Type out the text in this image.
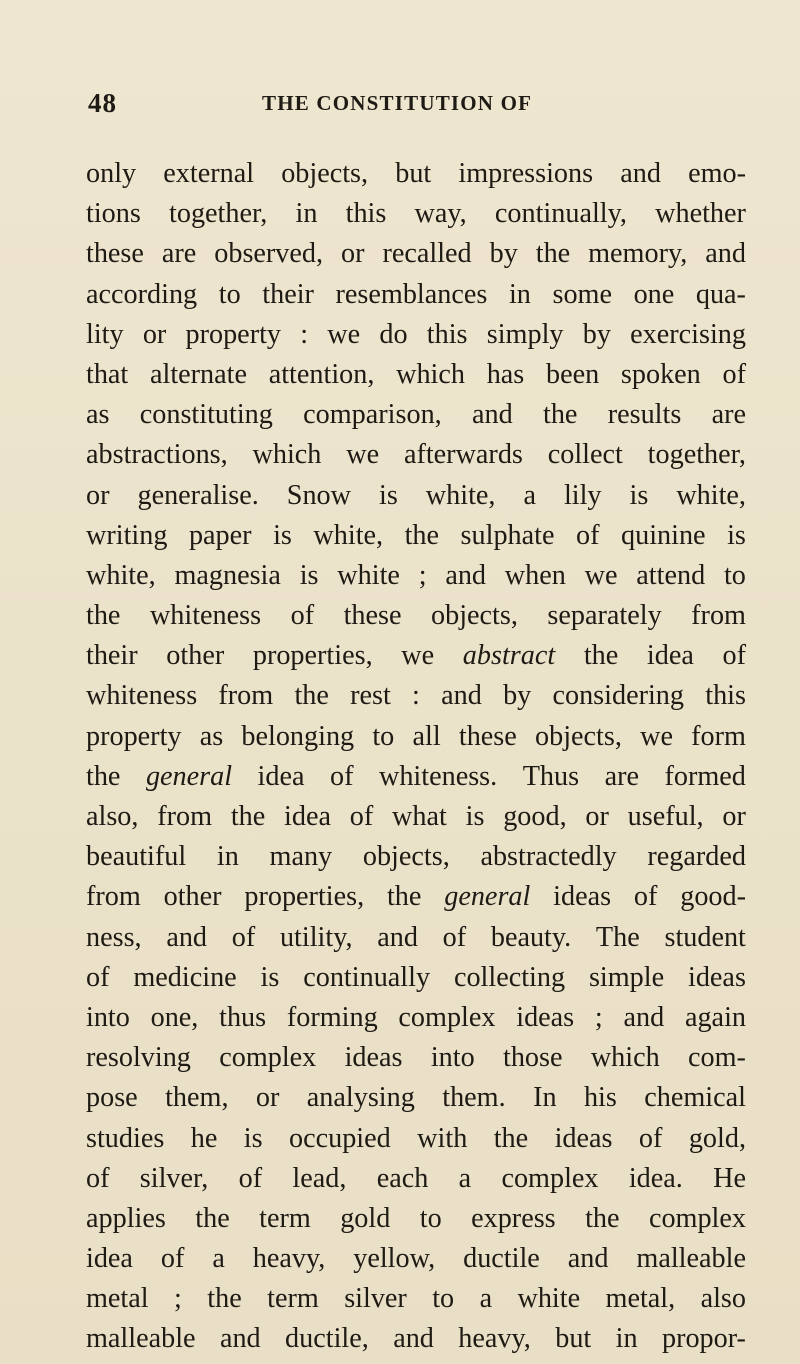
48	THE CONSTITUTION OF
only external objects, but impressions and emo-
tions together, in this way, continually, whether
these are observed, or recalled by the memory, and
according to their resemblances in some one qua-
lity or property : we do this simply by exercising
that alternate attention, which has been spoken of
as constituting comparison, and the results are
abstractions, which we afterwards collect together,
or generalise. Snow is white, a lily is white,
writing paper is white, the sulphate of quinine is
white, magnesia is white ; and when we attend to
the whiteness of these objects, separately from
their other properties, we abstract the idea of
whiteness from the rest : and by considering this
property as belonging to all these objects, we form
the general idea of whiteness. Thus are formed
also, from the idea of what is good, or useful, or
beautiful in many objects, abstractedly regarded
from other properties, the general ideas of good-
ness, and of utility, and of beauty. The student
of medicine is continually collecting simple ideas
into one, thus forming complex ideas ; and again
resolving complex ideas into those which com-
pose them, or analysing them. In his chemical
studies he is occupied with the ideas of gold,
of silver, of lead, each a complex idea. He
applies the term gold to express the complex
idea of a heavy, yellow, ductile and malleable
metal ; the term silver to a white metal, also
malleable and ductile, and heavy, but in propor-
